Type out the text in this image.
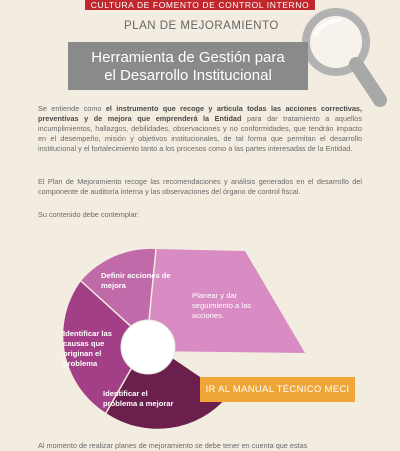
CULTURA DE FOMENTO DE CONTROL INTERNO
PLAN DE MEJORAMIENTO
Herramienta de Gestión para
el Desarrollo Institucional

Se entiende como el instrumento que recoge y articula todas las acciones correctivas, preventivas y de mejora que emprenderá la Entidad para dar tratamiento a aquellos incumplimientos, hallazgos, debilidades, observaciones y no conformidades, que tendrán impacto en el desempeño, misión y objetivos institucionales, de tal forma que permitan el desarrollo institucional y el fortalecimiento tanto a los procesos como a las partes interesadas de la Entidad.

El Plan de Mejoramiento recoge las recomendaciones y análisis generados en el desarrollo del componente de auditoría interna y las observaciones del órgano de control fiscal.

Su contenido debe contemplar:

Definir acciones de mejora
Planear y dar seguimiento a las acciones.
Identificar las causas que originan el problema
Identificar el problema a mejorar
IR AL MANUAL TÉCNICO MECI

Al momento de realizar planes de mejoramiento se debe tener en cuenta que estas
